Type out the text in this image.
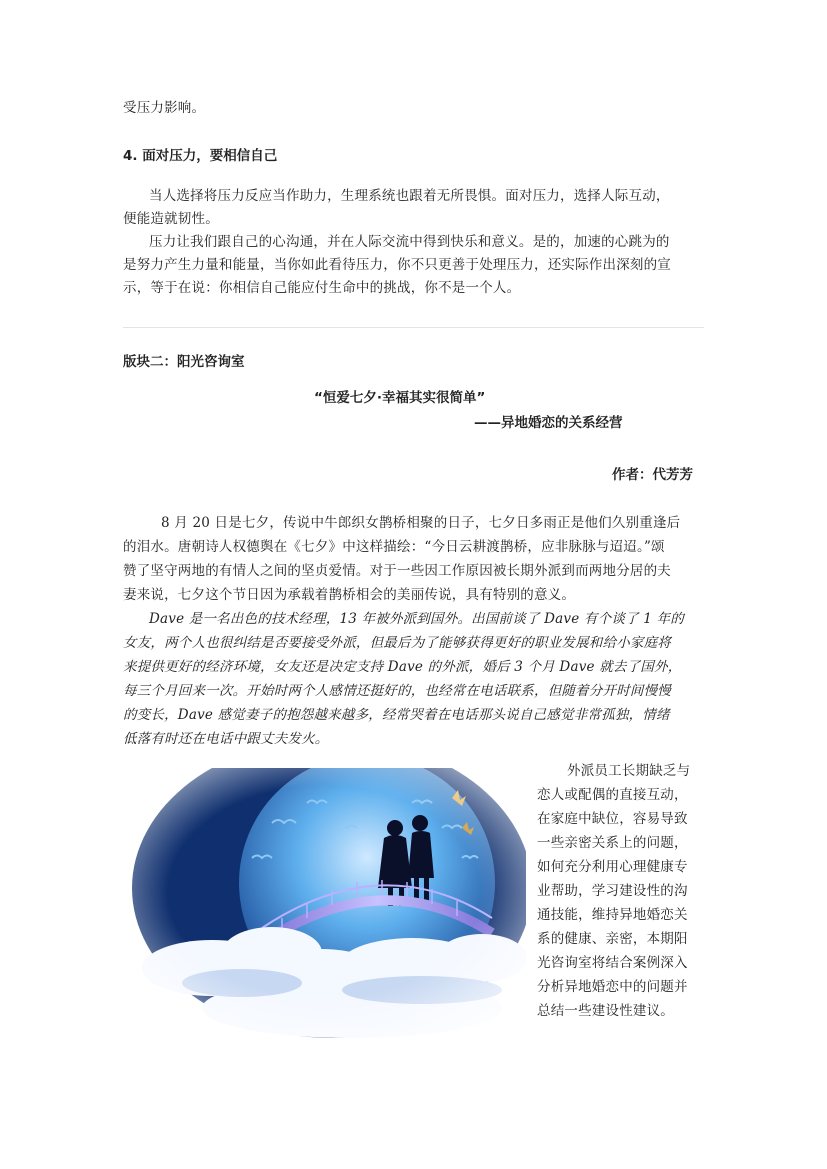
受压力影响。
4. 面对压力，要相信自己
当人选择将压力反应当作助力，生理系统也跟着无所畏惧。面对压力，选择人际互动，
便能造就韧性。
压力让我们跟自己的心沟通，并在人际交流中得到快乐和意义。是的，加速的心跳为的
是努力产生力量和能量，当你如此看待压力，你不只更善于处理压力，还实际作出深刻的宣
示，等于在说：你相信自己能应付生命中的挑战，你不是一个人。
版块二：阳光咨询室
“恒爱七夕·幸福其实很简单”
——异地婚恋的关系经营
作者：代芳芳
8 月 20 日是七夕，传说中牛郎织女鹊桥相聚的日子，七夕日多雨正是他们久别重逢后
的泪水。唐朝诗人权德舆在《七夕》中这样描绘：“今日云耕渡鹊桥，应非脉脉与迢迢。”颂
赞了坚守两地的有情人之间的坚贞爱情。对于一些因工作原因被长期外派到而两地分居的夫
妻来说，七夕这个节日因为承载着鹊桥相会的美丽传说，具有特别的意义。
Dave 是一名出色的技术经理，13 年被外派到国外。出国前谈了 Dave 有个谈了 1 年的
女友，两个人也很纠结是否要接受外派，但最后为了能够获得更好的职业发展和给小家庭将
来提供更好的经济环境，女友还是决定支持 Dave 的外派，婚后 3 个月 Dave 就去了国外，
每三个月回来一次。开始时两个人感情还挺好的，也经常在电话联系，但随着分开时间慢慢
的变长，Dave 感觉妻子的抱怨越来越多，经常哭着在电话那头说自己感觉非常孤独，情绪
低落有时还在电话中跟丈夫发火。
外派员工长期缺乏与
恋人或配偶的直接互动，
在家庭中缺位，容易导致
一些亲密关系上的问题，
如何充分利用心理健康专
业帮助，学习建设性的沟
通技能，维持异地婚恋关
系的健康、亲密，本期阳
光咨询室将结合案例深入
分析异地婚恋中的问题并
总结一些建设性建议。
